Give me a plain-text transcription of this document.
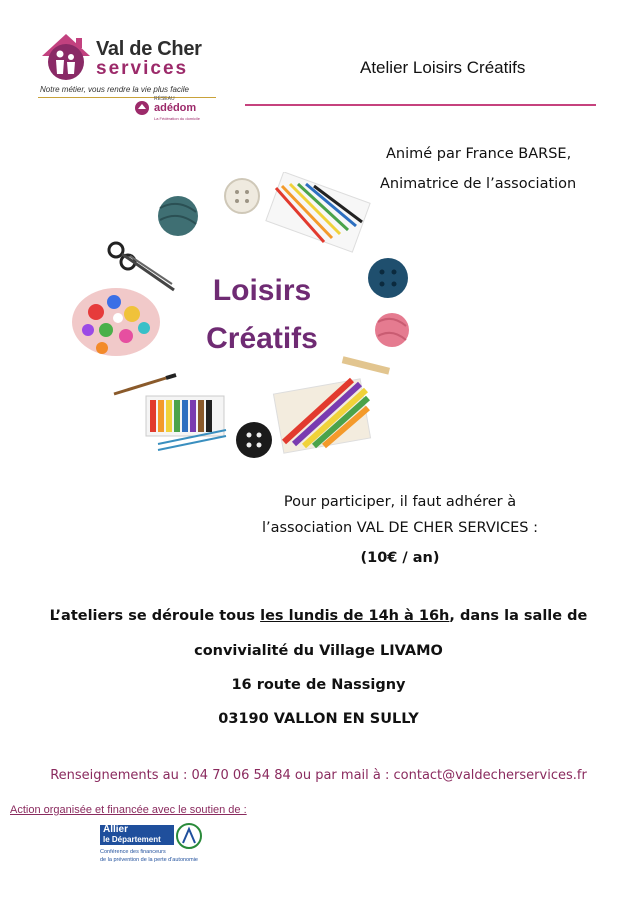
Val de Cher
services
Notre métier, vous rendre la vie plus facile
RÉSEAU
adédom
La Fédération du domicile
Atelier Loisirs Créatifs
Animé par France BARSE,
Animatrice de l’association
Loisirs
Créatifs
Pour participer, il faut adhérer à
l’association VAL DE CHER SERVICES :
(10€ / an)
L’ateliers se déroule tous les lundis de 14h à 16h, dans la salle de
convivialité du Village LIVAMO
16 route de Nassigny
03190 VALLON EN SULLY
Renseignements au : 04 70 06 54 84 ou par mail à : contact@valdecherservices.fr
Action organisée et financée avec le soutien de :
Allier
le Département
Conférence des financeurs
de la prévention de la perte d'autonomie
